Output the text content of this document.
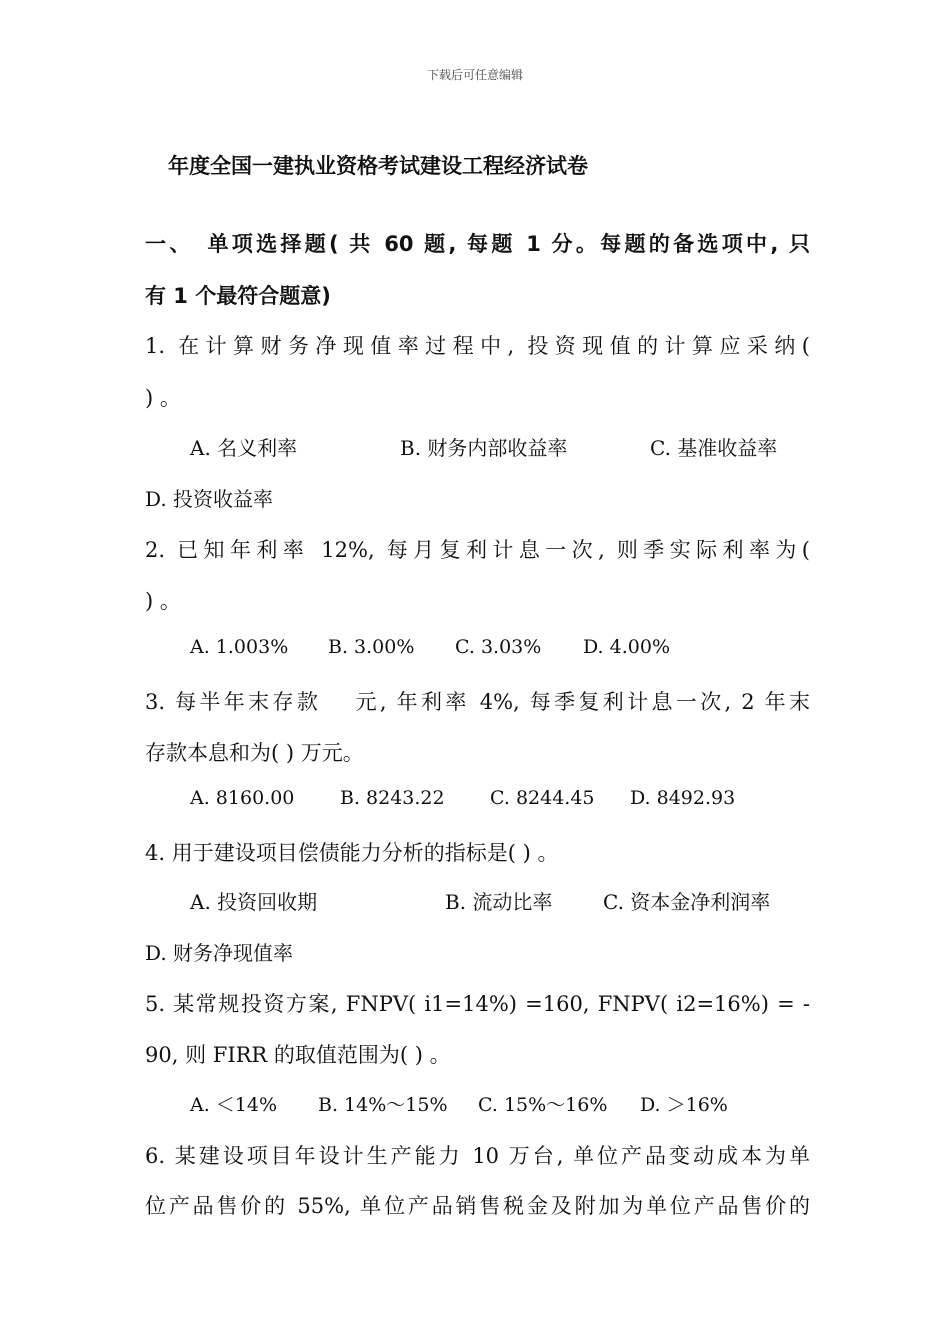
下载后可任意编辑
年度全国一建执业资格考试建设工程经济试卷
一、　单项选择题( 共 60 题, 每题 1 分。每题的备选项中, 只
有 1 个最符合题意)
1. 在计算财务净现值率过程中, 投资现值的计算应采纳(
) 。
A. 名义利率	B. 财务内部收益率	C. 基准收益率
D. 投资收益率
2. 已知年利率 12%, 每月复利计息一次, 则季实际利率为(
) 。
A. 1.003% B. 3.00% C. 3.03% D. 4.00%
3. 每半年末存款　 元, 年利率 4%, 每季复利计息一次, 2 年末
存款本息和为( ) 万元。
A. 8160.00 B. 8243.22 C. 8244.45 D. 8492.93
4. 用于建设项目偿债能力分析的指标是( ) 。
A. 投资回收期	B. 流动比率	C. 资本金净利润率
D. 财务净现值率
5. 某常规投资方案, FNPV( i1=14%) =160, FNPV( i2=16%) = -
90, 则 FIRR 的取值范围为( ) 。
A. ＜14% B. 14%～15% C. 15%～16% D. ＞16%
6. 某建设项目年设计生产能力 10 万台, 单位产品变动成本为单
位产品售价的 55%, 单位产品销售税金及附加为单位产品售价的
